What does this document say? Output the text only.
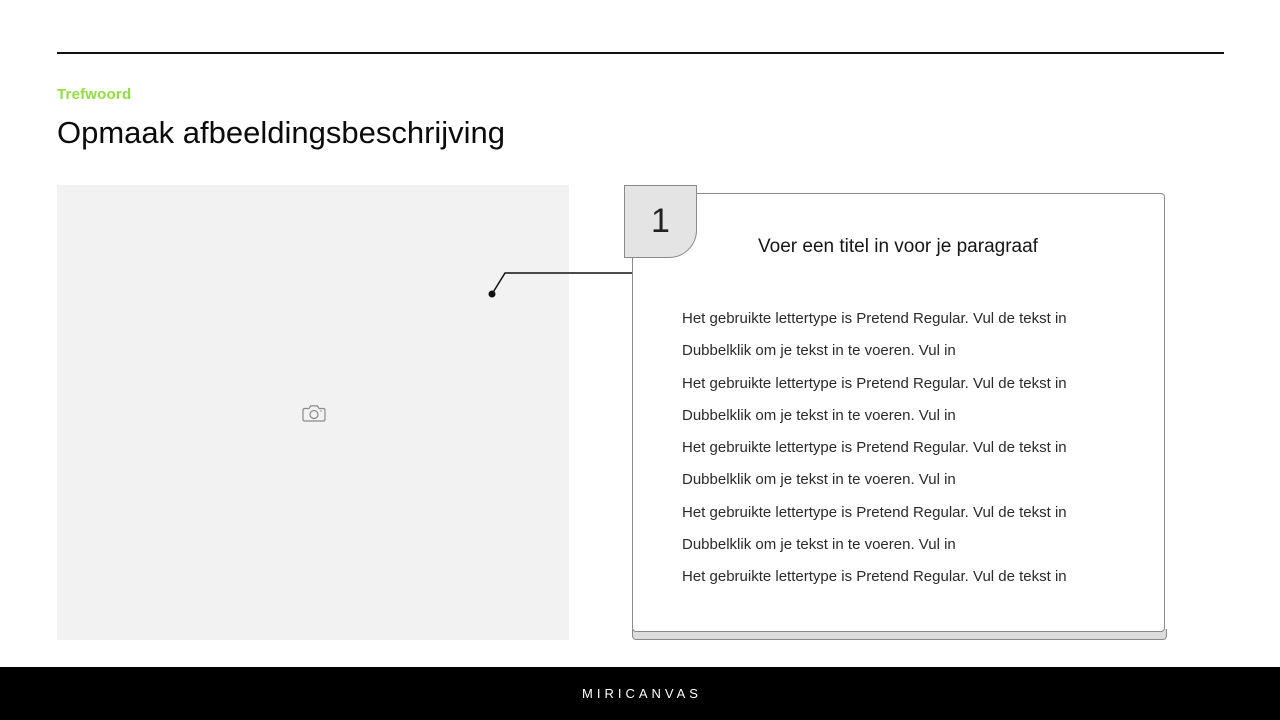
Trefwoord
Opmaak afbeeldingsbeschrijving
1
Voer een titel in voor je paragraaf
Het gebruikte lettertype is Pretend Regular. Vul de tekst in
Dubbelklik om je tekst in te voeren. Vul in
Het gebruikte lettertype is Pretend Regular. Vul de tekst in
Dubbelklik om je tekst in te voeren. Vul in
Het gebruikte lettertype is Pretend Regular. Vul de tekst in
Dubbelklik om je tekst in te voeren. Vul in
Het gebruikte lettertype is Pretend Regular. Vul de tekst in
Dubbelklik om je tekst in te voeren. Vul in
Het gebruikte lettertype is Pretend Regular. Vul de tekst in
MIRICANVAS
